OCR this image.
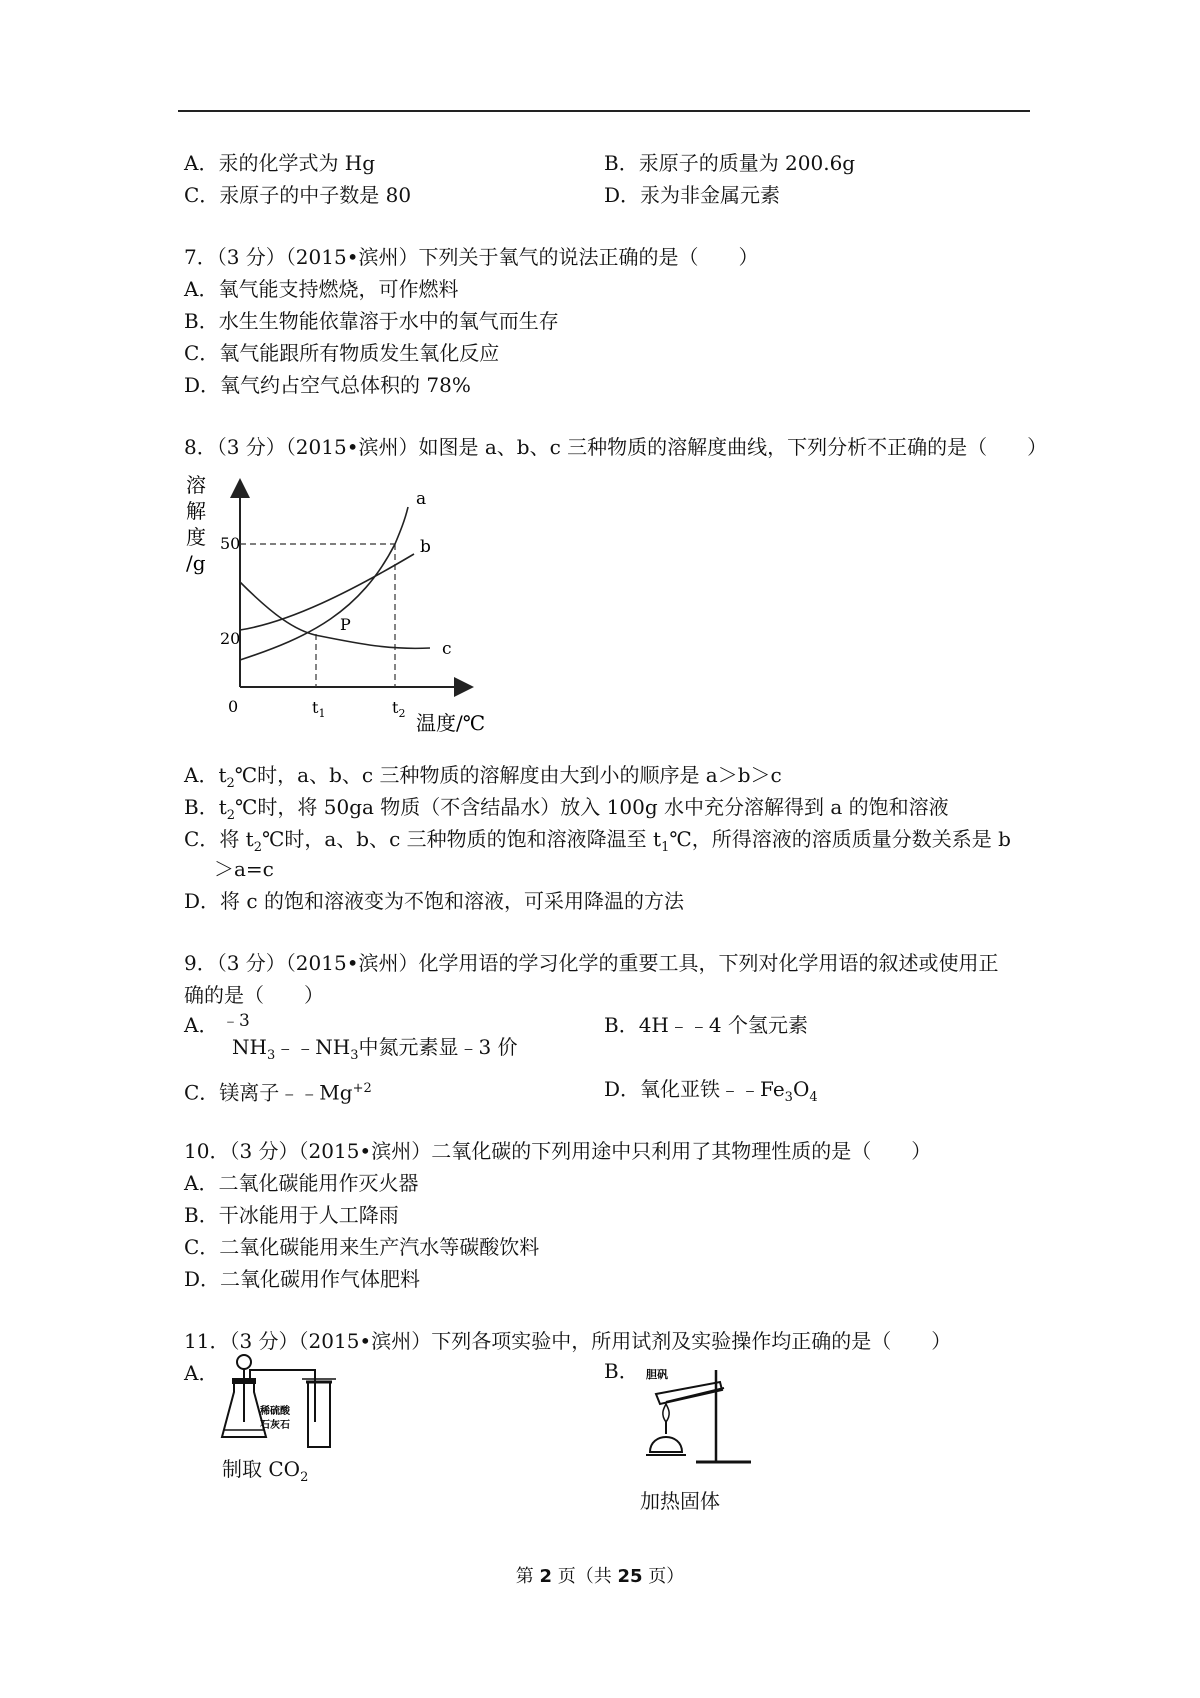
A．汞的化学式为 Hg	B．汞原子的质量为 200.6g
C．汞原子的中子数是 80	D．汞为非金属元素
7．（3 分）（2015•滨州）下列关于氧气的说法正确的是（　　）
A．氧气能支持燃烧，可作燃料
B．水生生物能依靠溶于水中的氧气而生存
C．氧气能跟所有物质发生氧化反应
D．氧气约占空气总体积的 78%
8．（3 分）（2015•滨州）如图是 a、b、c 三种物质的溶解度曲线，下列分析不正确的是（　　）
溶
解
度
/g
50
20
0	$t_1$	$t_2$ 温度/℃
a
b
c
P
A．$t_2℃$时，a、b、c 三种物质的溶解度由大到小的顺序是 a＞b＞c
B．$t_2℃$时，将 50ga 物质（不含结晶水）放入 100g 水中充分溶解得到 a 的饱和溶液
C．将 $t_2℃$时，a、b、c 三种物质的饱和溶液降温至 $t_1℃$，所得溶液的溶质质量分数关系是 b
＞a=c
D．将 c 的饱和溶液变为不饱和溶液，可采用降温的方法
9．（3 分）（2015•滨州）化学用语的学习化学的重要工具，下列对化学用语的叙述或使用正
确的是（　　）
A． ﹣3
$NH_3﹣﹣NH_3$中氮元素显﹣3 价
B．4H﹣﹣4 个氢元素
C．镁离子$﹣﹣Mg^{+2}$	D．氧化亚铁$﹣﹣Fe_3O_4$
10．（3 分）（2015•滨州）二氧化碳的下列用途中只利用了其物理性质的是（　　）
A．二氧化碳能用作灭火器
B．干冰能用于人工降雨
C．二氧化碳能用来生产汽水等碳酸饮料
D．二氧化碳用作气体肥料
11．（3 分）（2015•滨州）下列各项实验中，所用试剂及实验操作均正确的是（　　）
A．	B．
稀硫酸
石灰石
制取 $CO_2$
胆矾
加热固体
第 2 页（共 25 页）
